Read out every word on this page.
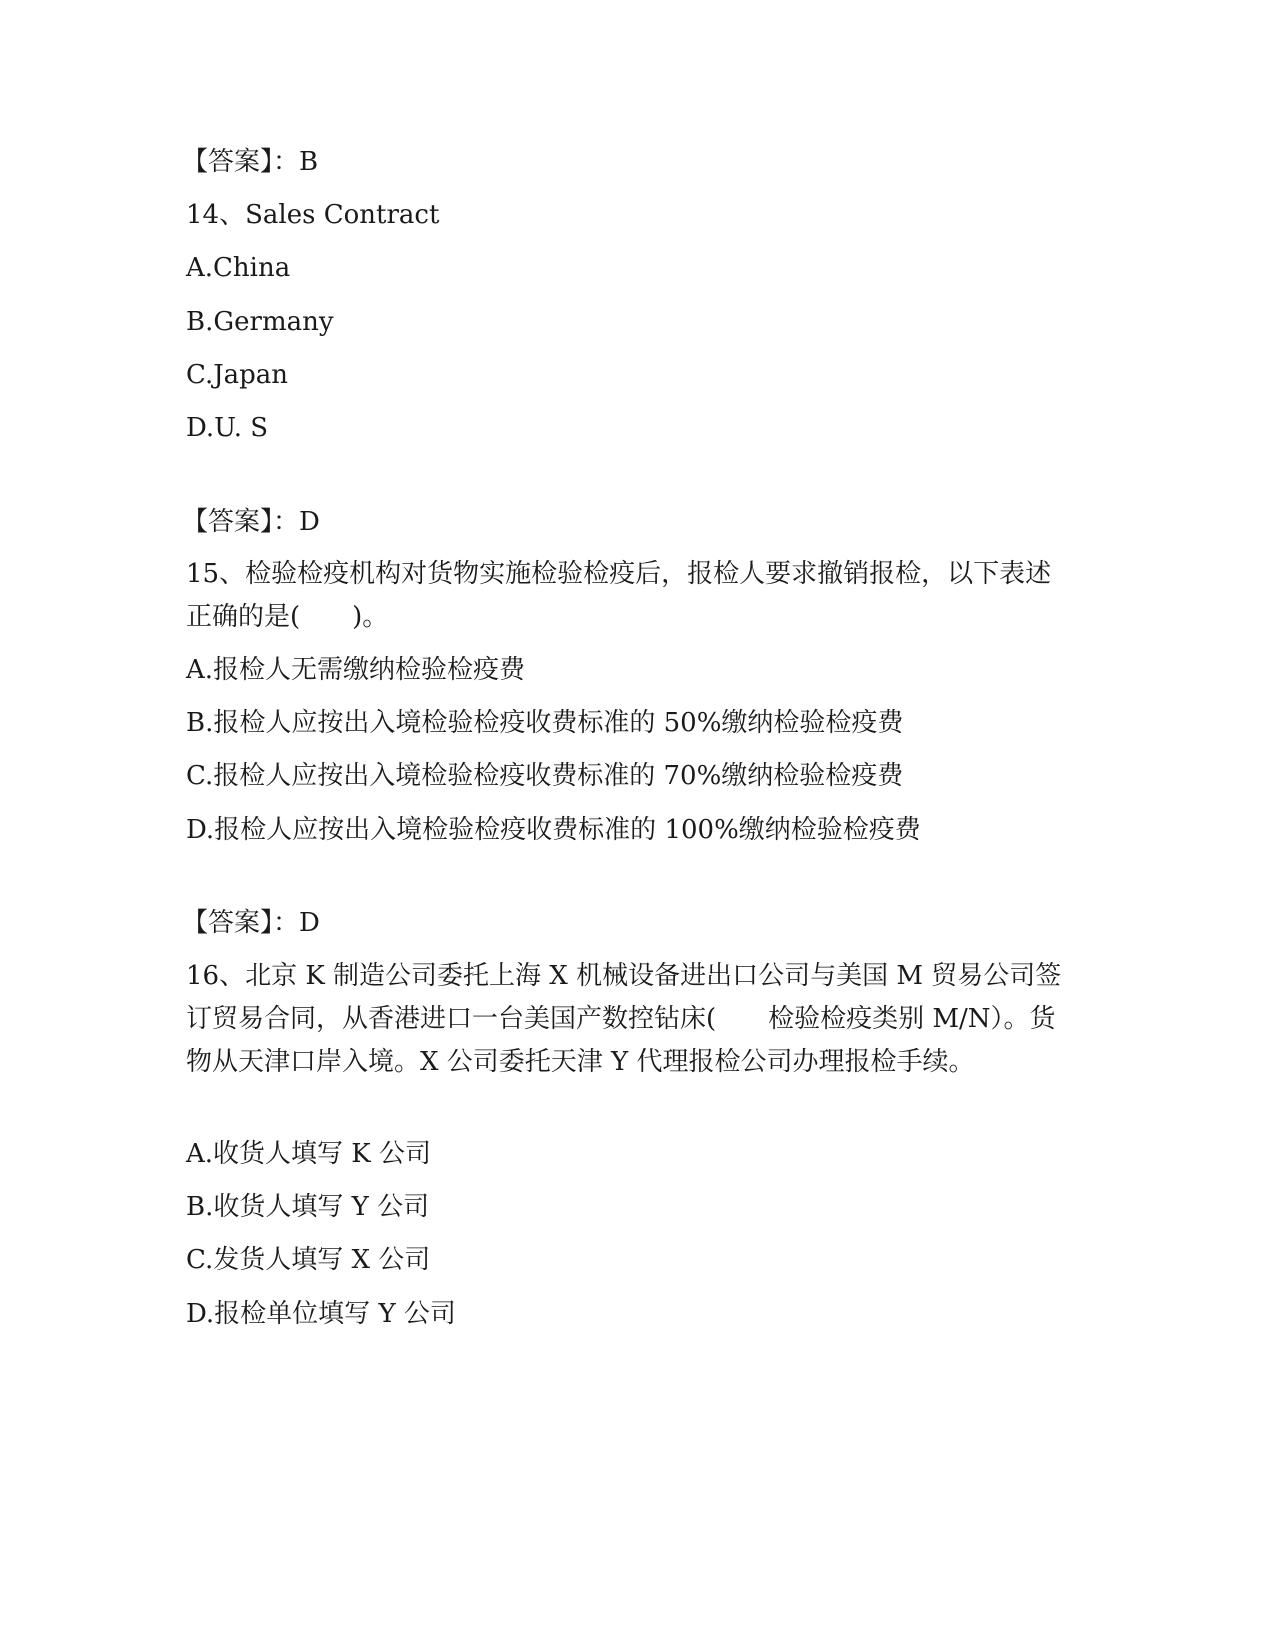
【答案】：B
14、Sales Contract
A.China
B.Germany
C.Japan
D.U. S
【答案】：D
15、检验检疫机构对货物实施检验检疫后，报检人要求撤销报检，以下表述正确的是(　　)。
A.报检人无需缴纳检验检疫费
B.报检人应按出入境检验检疫收费标准的 50%缴纳检验检疫费
C.报检人应按出入境检验检疫收费标准的 70%缴纳检验检疫费
D.报检人应按出入境检验检疫收费标准的 100%缴纳检验检疫费
【答案】：D
16、北京 K 制造公司委托上海 X 机械设备进出口公司与美国 M 贸易公司签订贸易合同，从香港进口一台美国产数控钻床(　　检验检疫类别 M/N）。货物从天津口岸入境。X 公司委托天津 Y 代理报检公司办理报检手续。
A.收货人填写 K 公司
B.收货人填写 Y 公司
C.发货人填写 X 公司
D.报检单位填写 Y 公司
